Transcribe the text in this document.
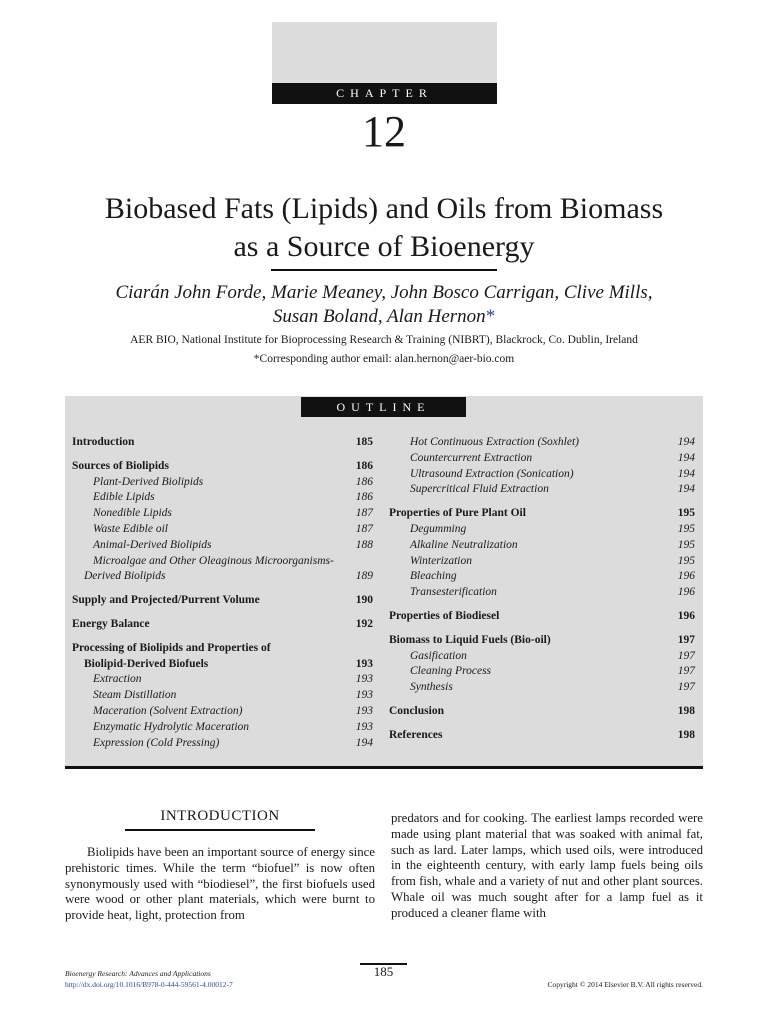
CHAPTER
12
Biobased Fats (Lipids) and Oils from Biomass
as a Source of Bioenergy
Ciarán John Forde, Marie Meaney, John Bosco Carrigan, Clive Mills,
Susan Boland, Alan Hernon*
AER BIO, National Institute for Bioprocessing Research & Training (NIBRT), Blackrock, Co. Dublin, Ireland
*Corresponding author email: alan.hernon@aer-bio.com
OUTLINE
Introduction	185
Sources of Biolipids	186
Plant-Derived Biolipids	186
Edible Lipids	186
Nonedible Lipids	187
Waste Edible oil	187
Animal-Derived Biolipids	188
Microalgae and Other Oleaginous Microorganisms-
Derived Biolipids	189
Supply and Projected/Purrent Volume	190
Energy Balance	192
Processing of Biolipids and Properties of
Biolipid-Derived Biofuels	193
Extraction	193
Steam Distillation	193
Maceration (Solvent Extraction)	193
Enzymatic Hydrolytic Maceration	193
Expression (Cold Pressing)	194
Hot Continuous Extraction (Soxhlet)	194
Countercurrent Extraction	194
Ultrasound Extraction (Sonication)	194
Supercritical Fluid Extraction	194
Properties of Pure Plant Oil	195
Degumming	195
Alkaline Neutralization	195
Winterization	195
Bleaching	196
Transesterification	196
Properties of Biodiesel	196
Biomass to Liquid Fuels (Bio-oil)	197
Gasification	197
Cleaning Process	197
Synthesis	197
Conclusion	198
References	198
INTRODUCTION
Biolipids have been an important source of energy since prehistoric times. While the term “biofuel” is now often synonymously used with “biodiesel”, the first biofuels used were wood or other plant materials, which were burnt to provide heat, light, protection from
predators and for cooking. The earliest lamps recorded were made using plant material that was soaked with animal fat, such as lard. Later lamps, which used oils, were introduced in the eighteenth century, with early lamp fuels being oils from fish, whale and a variety of nut and other plant sources. Whale oil was much sought after for a lamp fuel as it produced a cleaner flame with
185
Bioenergy Research: Advances and Applications
http://dx.doi.org/10.1016/B978-0-444-59561-4.00012-7	Copyright © 2014 Elsevier B.V. All rights reserved.
